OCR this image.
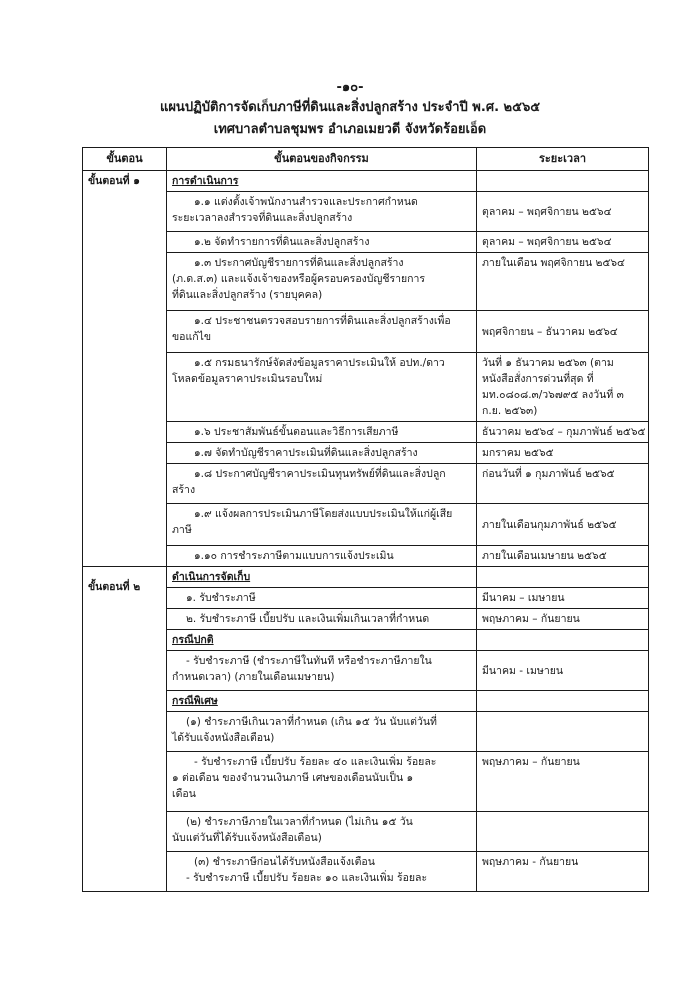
-๑๐-
แผนปฏิบัติการจัดเก็บภาษีที่ดินและสิ่งปลูกสร้าง ประจำปี พ.ศ. ๒๕๖๕
เทศบาลตำบลชุมพร อำเภอเมยวดี จังหวัดร้อยเอ็ด
ขั้นตอน	ขั้นตอนของกิจกรรม	ระยะเวลา
ขั้นตอนที่ ๑	การดำเนินการ	

	๑.๑ แต่งตั้งเจ้าพนักงานสำรวจและประกาศกำหนด
ระยะเวลาลงสำรวจที่ดินและสิ่งปลูกสร้าง	ตุลาคม – พฤศจิกายน ๒๕๖๔

	๑.๒ จัดทำรายการที่ดินและสิ่งปลูกสร้าง	ตุลาคม – พฤศจิกายน ๒๕๖๔

	๑.๓ ประกาศบัญชีรายการที่ดินและสิ่งปลูกสร้าง
(ภ.ด.ส.๓) และแจ้งเจ้าของหรือผู้ครอบครองบัญชีรายการ
ที่ดินและสิ่งปลูกสร้าง (รายบุคคล)	ภายในเดือน พฤศจิกายน ๒๕๖๔

	๑.๔ ประชาชนตรวจสอบรายการที่ดินและสิ่งปลูกสร้างเพื่อ
ขอแก้ไข	พฤศจิกายน – ธันวาคม ๒๕๖๔

	๑.๕ กรมธนารักษ์จัดส่งข้อมูลราคาประเมินให้ อปท./ดาว
โหลดข้อมูลราคาประเมินรอบใหม่	วันที่ ๑ ธันวาคม ๒๕๖๓ (ตามหนังสือสั่งการด่วนที่สุด ที่ มท.๐๘๐๘.๓/ว๖๗๙๕ ลงวันที่ ๓ ก.ย. ๒๕๖๓)

	๑.๖ ประชาสัมพันธ์ขั้นตอนและวิธีการเสียภาษี	ธันวาคม ๒๕๖๔ – กุมภาพันธ์ ๒๕๖๕

	๑.๗ จัดทำบัญชีราคาประเมินที่ดินและสิ่งปลูกสร้าง	มกราคม ๒๕๖๕

	๑.๘ ประกาศบัญชีราคาประเมินทุนทรัพย์ที่ดินและสิ่งปลูก
สร้าง	ก่อนวันที่ ๑ กุมภาพันธ์ ๒๕๖๕

	๑.๙ แจ้งผลการประเมินภาษีโดยส่งแบบประเมินให้แก่ผู้เสีย
ภาษี	ภายในเดือนกุมภาพันธ์ ๒๕๖๕

	๑.๑๐ การชำระภาษีตามแบบการแจ้งประเมิน	ภายในเดือนเมษายน ๒๕๖๕
ขั้นตอนที่ ๒	ดำเนินการจัดเก็บ	

	๑. รับชำระภาษี	มีนาคม – เมษายน

	๒. รับชำระภาษี เบี้ยปรับ และเงินเพิ่มเกินเวลาที่กำหนด	พฤษภาคม – กันยายน

	กรณีปกติ	

	- รับชำระภาษี (ชำระภาษีในทันที หรือชำระภาษีภายใน
กำหนดเวลา) (ภายในเดือนเมษายน)	มีนาคม - เมษายน

	กรณีพิเศษ	

	(๑) ชำระภาษีเกินเวลาที่กำหนด (เกิน ๑๕ วัน นับแต่วันที่
ได้รับแจ้งหนังสือเตือน)	

	- รับชำระภาษี เบี้ยปรับ ร้อยละ ๔๐ และเงินเพิ่ม ร้อยละ
๑ ต่อเดือน ของจำนวนเงินภาษี เศษของเดือนนับเป็น ๑
เดือน	พฤษภาคม – กันยายน

	(๒) ชำระภาษีภายในเวลาที่กำหนด (ไม่เกิน ๑๕ วัน
นับแต่วันที่ได้รับแจ้งหนังสือเตือน)	

	(๓) ชำระภาษีก่อนได้รับหนังสือแจ้งเตือน
- รับชำระภาษี เบี้ยปรับ ร้อยละ ๑๐ และเงินเพิ่ม ร้อยละ	พฤษภาคม - กันยายน
